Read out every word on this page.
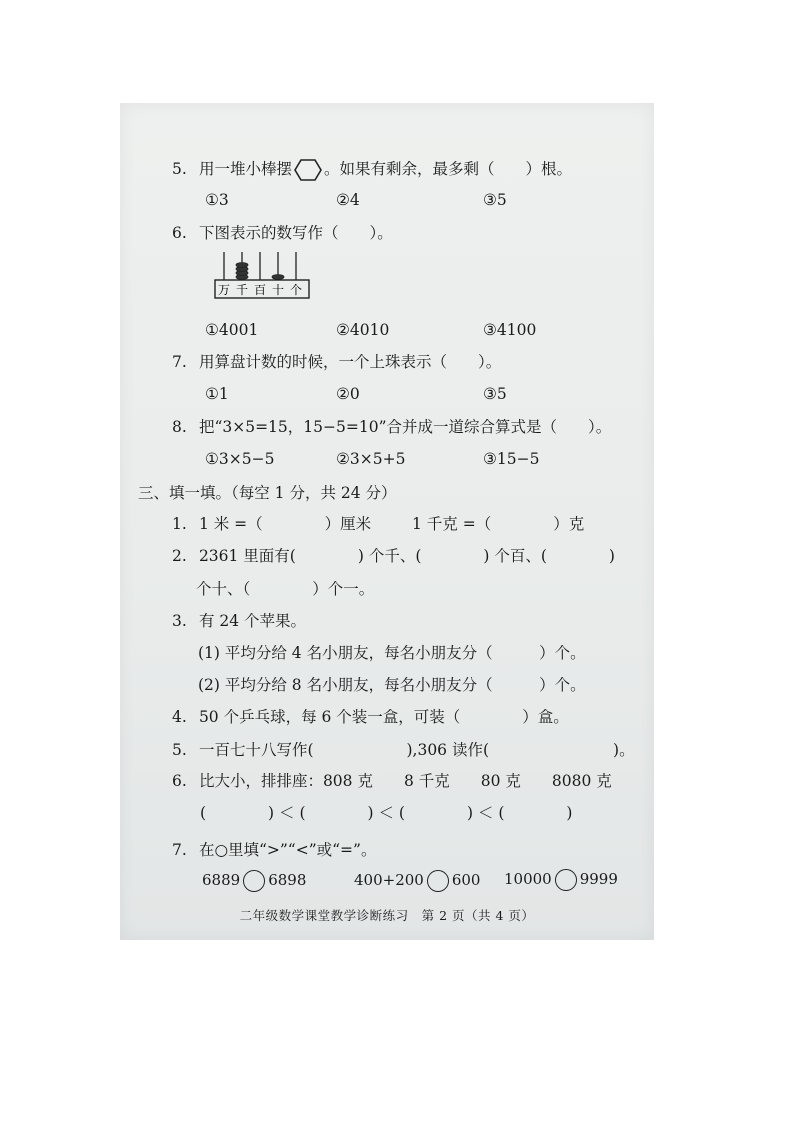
5. 用一堆小棒摆 。如果有剩余，最多剩（　　）根。
①3	②4	③5
6. 下图表示的数写作（　　）。
万 千 百 十 个
①4001	②4010	③4100
7. 用算盘计数的时候，一个上珠表示（　　）。
①1	②0	③5
8. 把“3×5=15，15−5=10”合并成一道综合算式是（　　）。
①3×5−5	②3×5+5	③15−5
三、填一填。（每空 1 分，共 24 分）
1. 1 米 =（　　　　）厘米	1 千克 =（　　　　）克
2. 2361 里面有(　　　　) 个千、(　　　　) 个百、(　　　　)
个十、（　　　　）个一。
3. 有 24 个苹果。
(1) 平均分给 4 名小朋友，每名小朋友分（　　　）个。
(2) 平均分给 8 名小朋友，每名小朋友分（　　　）个。
4. 50 个乒乓球，每 6 个装一盒，可装（　　　　）盒。
5. 一百七十八写作(　　　　　　),306 读作(　　　　　　　　)。
6. 比大小，排排座：808 克　　8 千克　　80 克　　8080 克
(　　　　) ＜ (　　　　) ＜ (　　　　) ＜ (　　　　)
7. 在○里填“>”“<”或“=”。
6889 6898	400+200 600 10000 9999
二年级数学课堂教学诊断练习　第 2 页（共 4 页）
